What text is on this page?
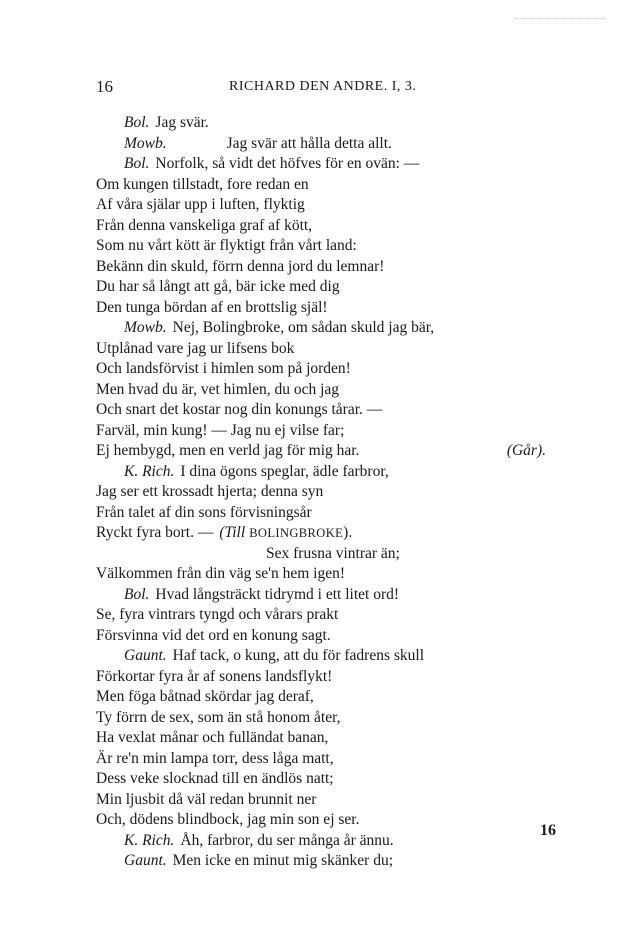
16	RICHARD DEN ANDRE. I, 3.
Bol. Jag svär.
Mowb.	Jag svär att hålla detta allt.
Bol. Norfolk, så vidt det höfves för en ovän: —
Om kungen tillstadt, fore redan en
Af våra själar upp i luften, flyktig
Från denna vanskeliga graf af kött,
Som nu vårt kött är flyktigt från vårt land:
Bekänn din skuld, förrn denna jord du lemnar!
Du har så långt att gå, bär icke med dig
Den tunga bördan af en brottslig själ!
Mowb. Nej, Bolingbroke, om sådan skuld jag bär,
Utplånad vare jag ur lifsens bok
Och landsförvist i himlen som på jorden!
Men hvad du är, vet himlen, du och jag
Och snart det kostar nog din konungs tårar. —
Farväl, min kung! — Jag nu ej vilse far;
Ej hembygd, men en verld jag för mig har.	(Går).
K. Rich. I dina ögons speglar, ädle farbror,
Jag ser ett krossadt hjerta; denna syn
Från talet af din sons förvisningsår
Ryckt fyra bort. — (Till BOLINGBROKE).
Sex frusna vintrar än;
Välkommen från din väg se'n hem igen!
Bol. Hvad långsträckt tidrymd i ett litet ord!
Se, fyra vintrars tyngd och vårars prakt
Försvinna vid det ord en konung sagt.
Gaunt. Haf tack, o kung, att du för fadrens skull
Förkortar fyra år af sonens landsflykt!
Men föga båtnad skördar jag deraf,
Ty förrn de sex, som än stå honom åter,
Ha vexlat månar och fulländat banan,
Är re'n min lampa torr, dess låga matt,
Dess veke slocknad till en ändlös natt;
Min ljusbit då väl redan brunnit ner
Och, dödens blindbock, jag min son ej ser.
K. Rich. Åh, farbror, du ser många år ännu.
Gaunt. Men icke en minut mig skänker du;
16
